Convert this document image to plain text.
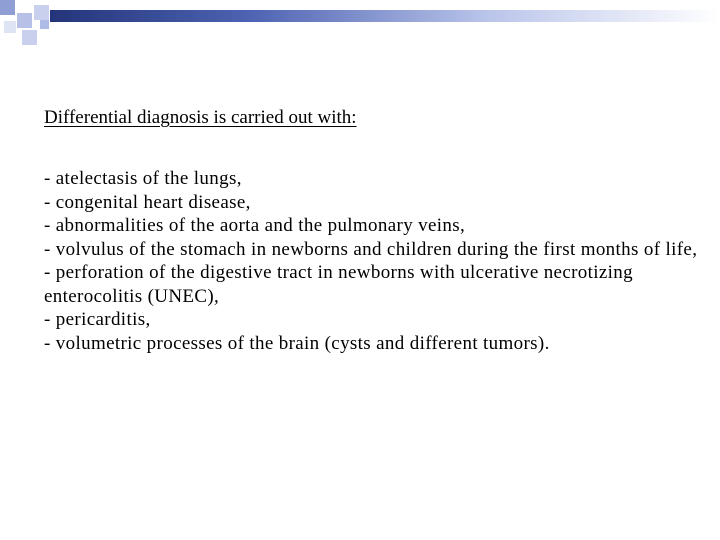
Differential diagnosis is carried out with:
- atelectasis of the lungs,
- congenital heart disease,
- abnormalities of the aorta and the pulmonary veins,
- volvulus of the stomach in newborns and children during the first months of life,
- perforation of the digestive tract in newborns with ulcerative necrotizing enterocolitis (UNEC),
- pericarditis,
- volumetric processes of the brain (cysts and different tumors).
